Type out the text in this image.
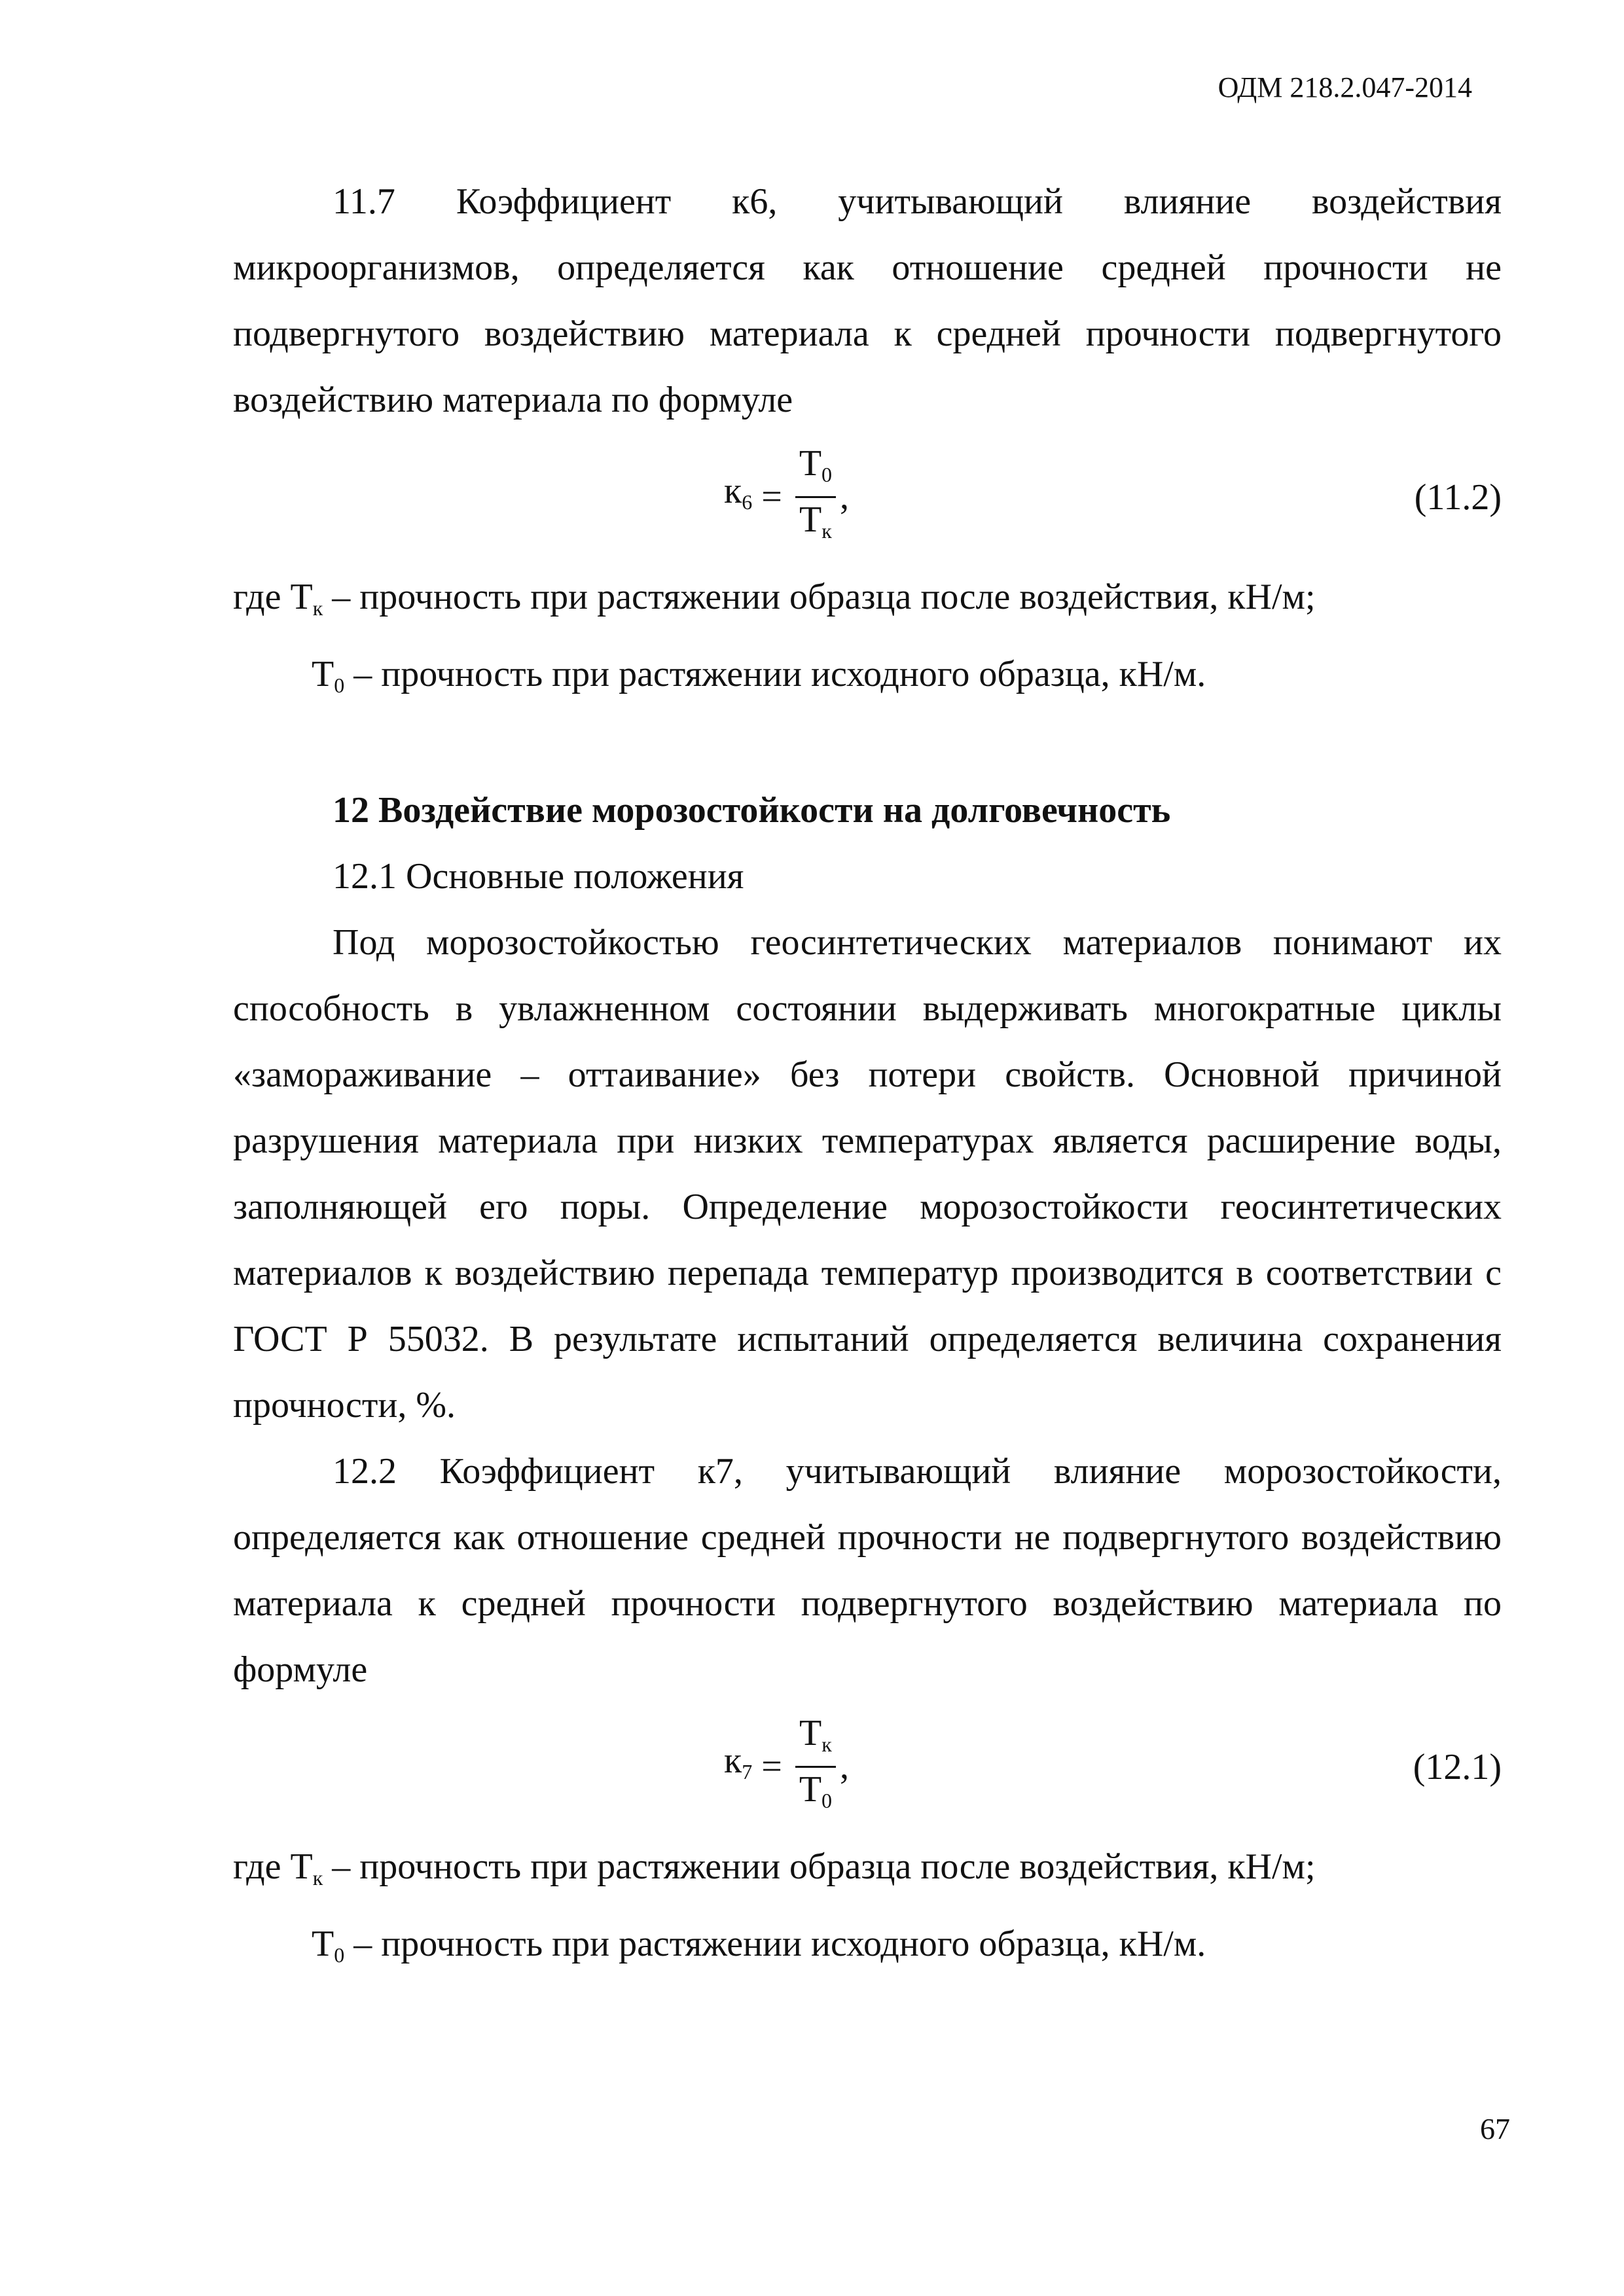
ОДМ 218.2.047-2014

11.7 Коэффициент к6, учитывающий влияние воздействия микроорганизмов, определяется как отношение средней прочности не подвергнутого воздействию материала к средней прочности подвергнутого воздействию материала по формуле

$к6 = \frac{T0}{Tк}$ ,	(11.2)

где Tк – прочность при растяжении образца после воздействия, кН/м;

T0 – прочность при растяжении исходного образца, кН/м.

12 Воздействие морозостойкости на долговечность

12.1 Основные положения

Под морозостойкостью геосинтетических материалов понимают их способность в увлажненном состоянии выдерживать многократные циклы «замораживание – оттаивание» без потери свойств. Основной причиной разрушения материала при низких температурах является расширение воды, заполняющей его поры. Определение морозостойкости геосинтетических материалов к воздействию перепада температур производится в соответствии с ГОСТ Р 55032. В результате испытаний определяется величина сохранения прочности, %.

12.2 Коэффициент к7, учитывающий влияние морозостойкости, определяется как отношение средней прочности не подвергнутого воздействию материала к средней прочности подвергнутого воздействию материала по формуле

$к7 = \frac{Tк}{T0}$ ,	(12.1)

где Tк – прочность при растяжении образца после воздействия, кН/м;

T0 – прочность при растяжении исходного образца, кН/м.

67
